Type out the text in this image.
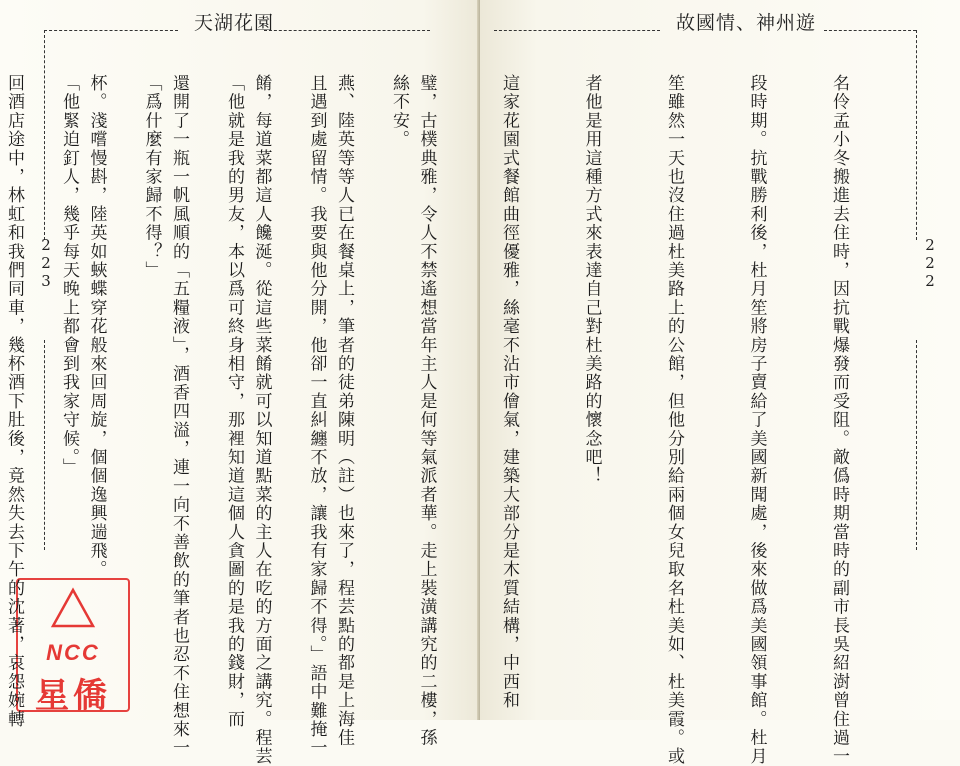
天湖花園
223

絲不安。

且遇到處留情。我要與他分開，他卻一直糾纏不放，讓我有家歸不得。」語中難掩一

「他就是我的男友，本以爲可終身相守，那裡知道這個人貪圖的是我的錢財，而

「爲什麼有家歸不得？」

「他緊迫釘人，幾乎每天晚上都會到我家守候。」

NCC
星僑
故國情、神州遊
222

名伶孟小冬搬進去住時，因抗戰爆發而受阻。敵僞時期當時的副市長吳紹澍曾住過一

段時期。抗戰勝利後，杜月笙將房子賣給了美國新聞處，後來做爲美國領事館。杜月

笙雖然一天也沒住過杜美路上的公館，但他分別給兩個女兒取名杜美如、杜美霞。或

者他是用這種方式來表達自己對杜美路的懷念吧！

這家花園式餐館曲徑優雅，絲毫不沾市儈氣，建築大部分是木質結構，中西和

璧，古樸典雅，令人不禁遙想當年主人是何等氣派者華。走上裝潢講究的二樓，孫

燕、陸英等等人已在餐桌上，筆者的徒弟陳明（註）也來了，程芸點的都是上海佳

餚，每道菜都這人饞涎。從這些菜餚就可以知道點菜的主人在吃的方面之講究。程芸

還開了一瓶一帆風順的「五糧液」，酒香四溢，連一向不善飲的筆者也忍不住想來一

杯。淺嚐慢斟，陸英如蛺蝶穿花般來回周旋，個個逸興遄飛。

回酒店途中，林虹和我們同車，幾杯酒下肚後，竟然失去下午的沈著，哀怨婉轉
